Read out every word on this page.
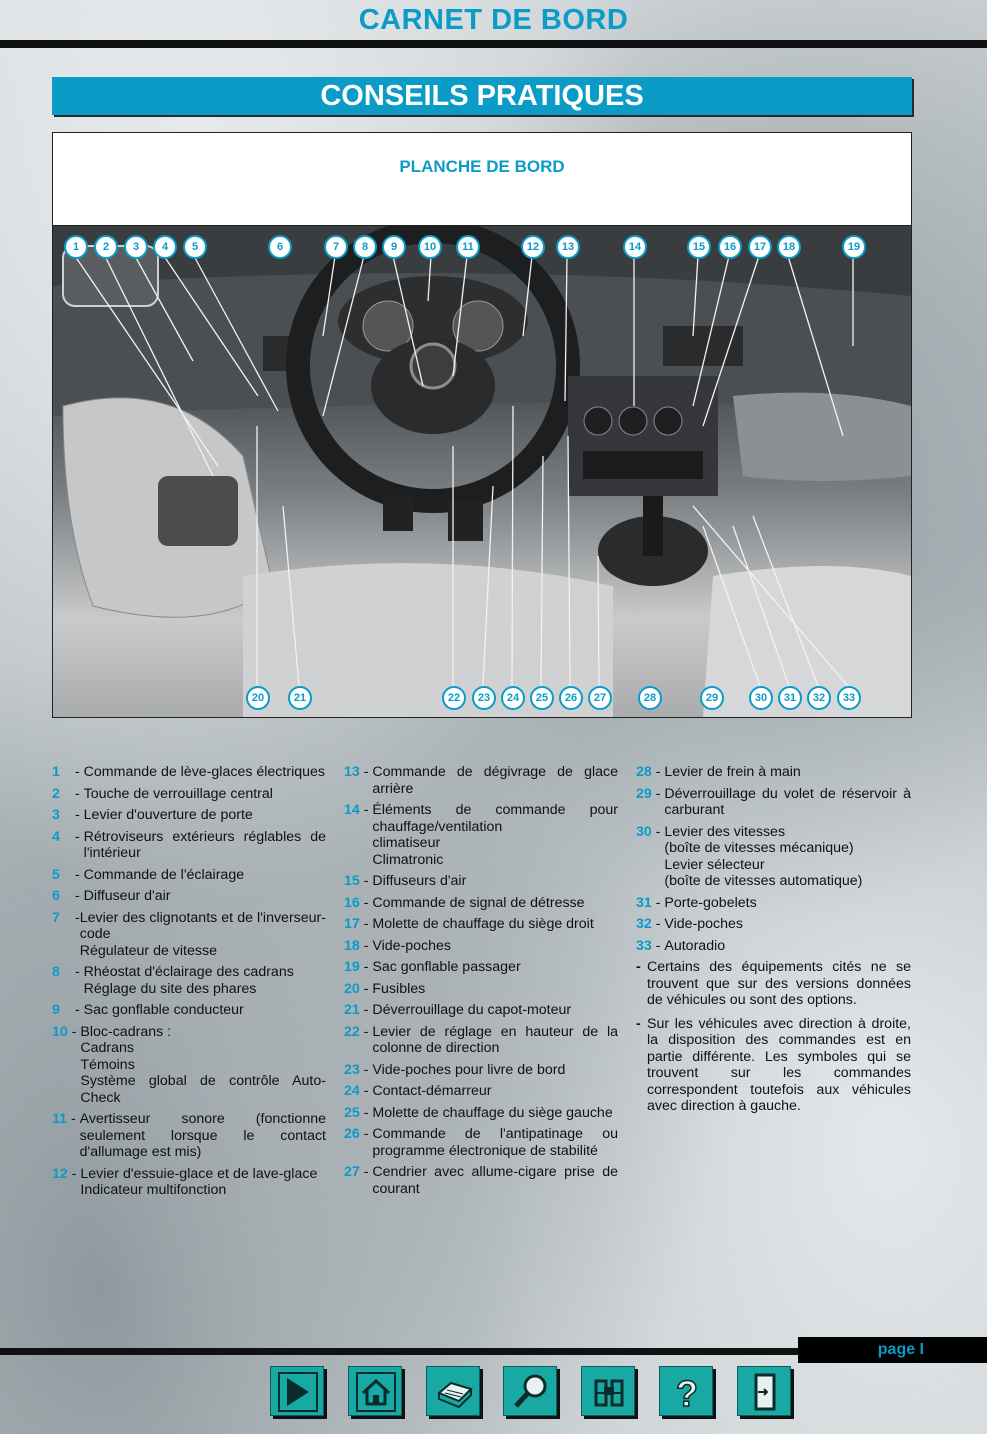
CARNET DE BORD
CONSEILS PRATIQUES
PLANCHE DE BORD
1	2	3	4	5	6	7	8	9	10	11	12	13	14	15	16	17	18	19
20	21	22	23	24	25	26	27	28	29	30	31	32	33
1	- Commande de lève-glaces électriques
2	- Touche de verrouillage central
3	- Levier d'ouverture de porte
4	- Rétroviseurs extérieurs réglables de l'intérieur
5	- Commande de l'éclairage
6	- Diffuseur d'air
7	- Levier des clignotants et de l'inverseur-code
Régulateur de vitesse
8	- Rhéostat d'éclairage des cadrans
Réglage du site des phares
9	- Sac gonflable conducteur
10 - Bloc-cadrans :
Cadrans
Témoins
Système global de contrôle Auto-Check
11 - Avertisseur sonore (fonctionne seulement lorsque le contact d'allumage est mis)
12 - Levier d'essuie-glace et de lave-glace
Indicateur multifonction
13 - Commande de dégivrage de glace arrière
14 - Éléments de commande pour chauffage/ventilation
climatiseur
Climatronic
15 - Diffuseurs d'air
16 - Commande de signal de détresse
17 - Molette de chauffage du siège droit
18 - Vide-poches
19 - Sac gonflable passager
20 - Fusibles
21 - Déverrouillage du capot-moteur
22 - Levier de réglage en hauteur de la colonne de direction
23 - Vide-poches pour livre de bord
24 - Contact-démarreur
25 - Molette de chauffage du siège gauche
26 - Commande de l'antipatinage ou programme électronique de stabilité
27 - Cendrier avec allume-cigare prise de courant
28 - Levier de frein à main
29 - Déverrouillage du volet de réservoir à carburant
30 - Levier des vitesses
(boîte de vitesses mécanique)
Levier sélecteur
(boîte de vitesses automatique)
31 - Porte-gobelets
32 - Vide-poches
33 - Autoradio
- Certains des équipements cités ne se trouvent que sur des versions données de véhicules ou sont des options.
- Sur les véhicules avec direction à droite, la disposition des commandes est en partie différente. Les symboles qui se trouvent sur les commandes correspondent toutefois aux véhicules avec direction à gauche.
page I
?
